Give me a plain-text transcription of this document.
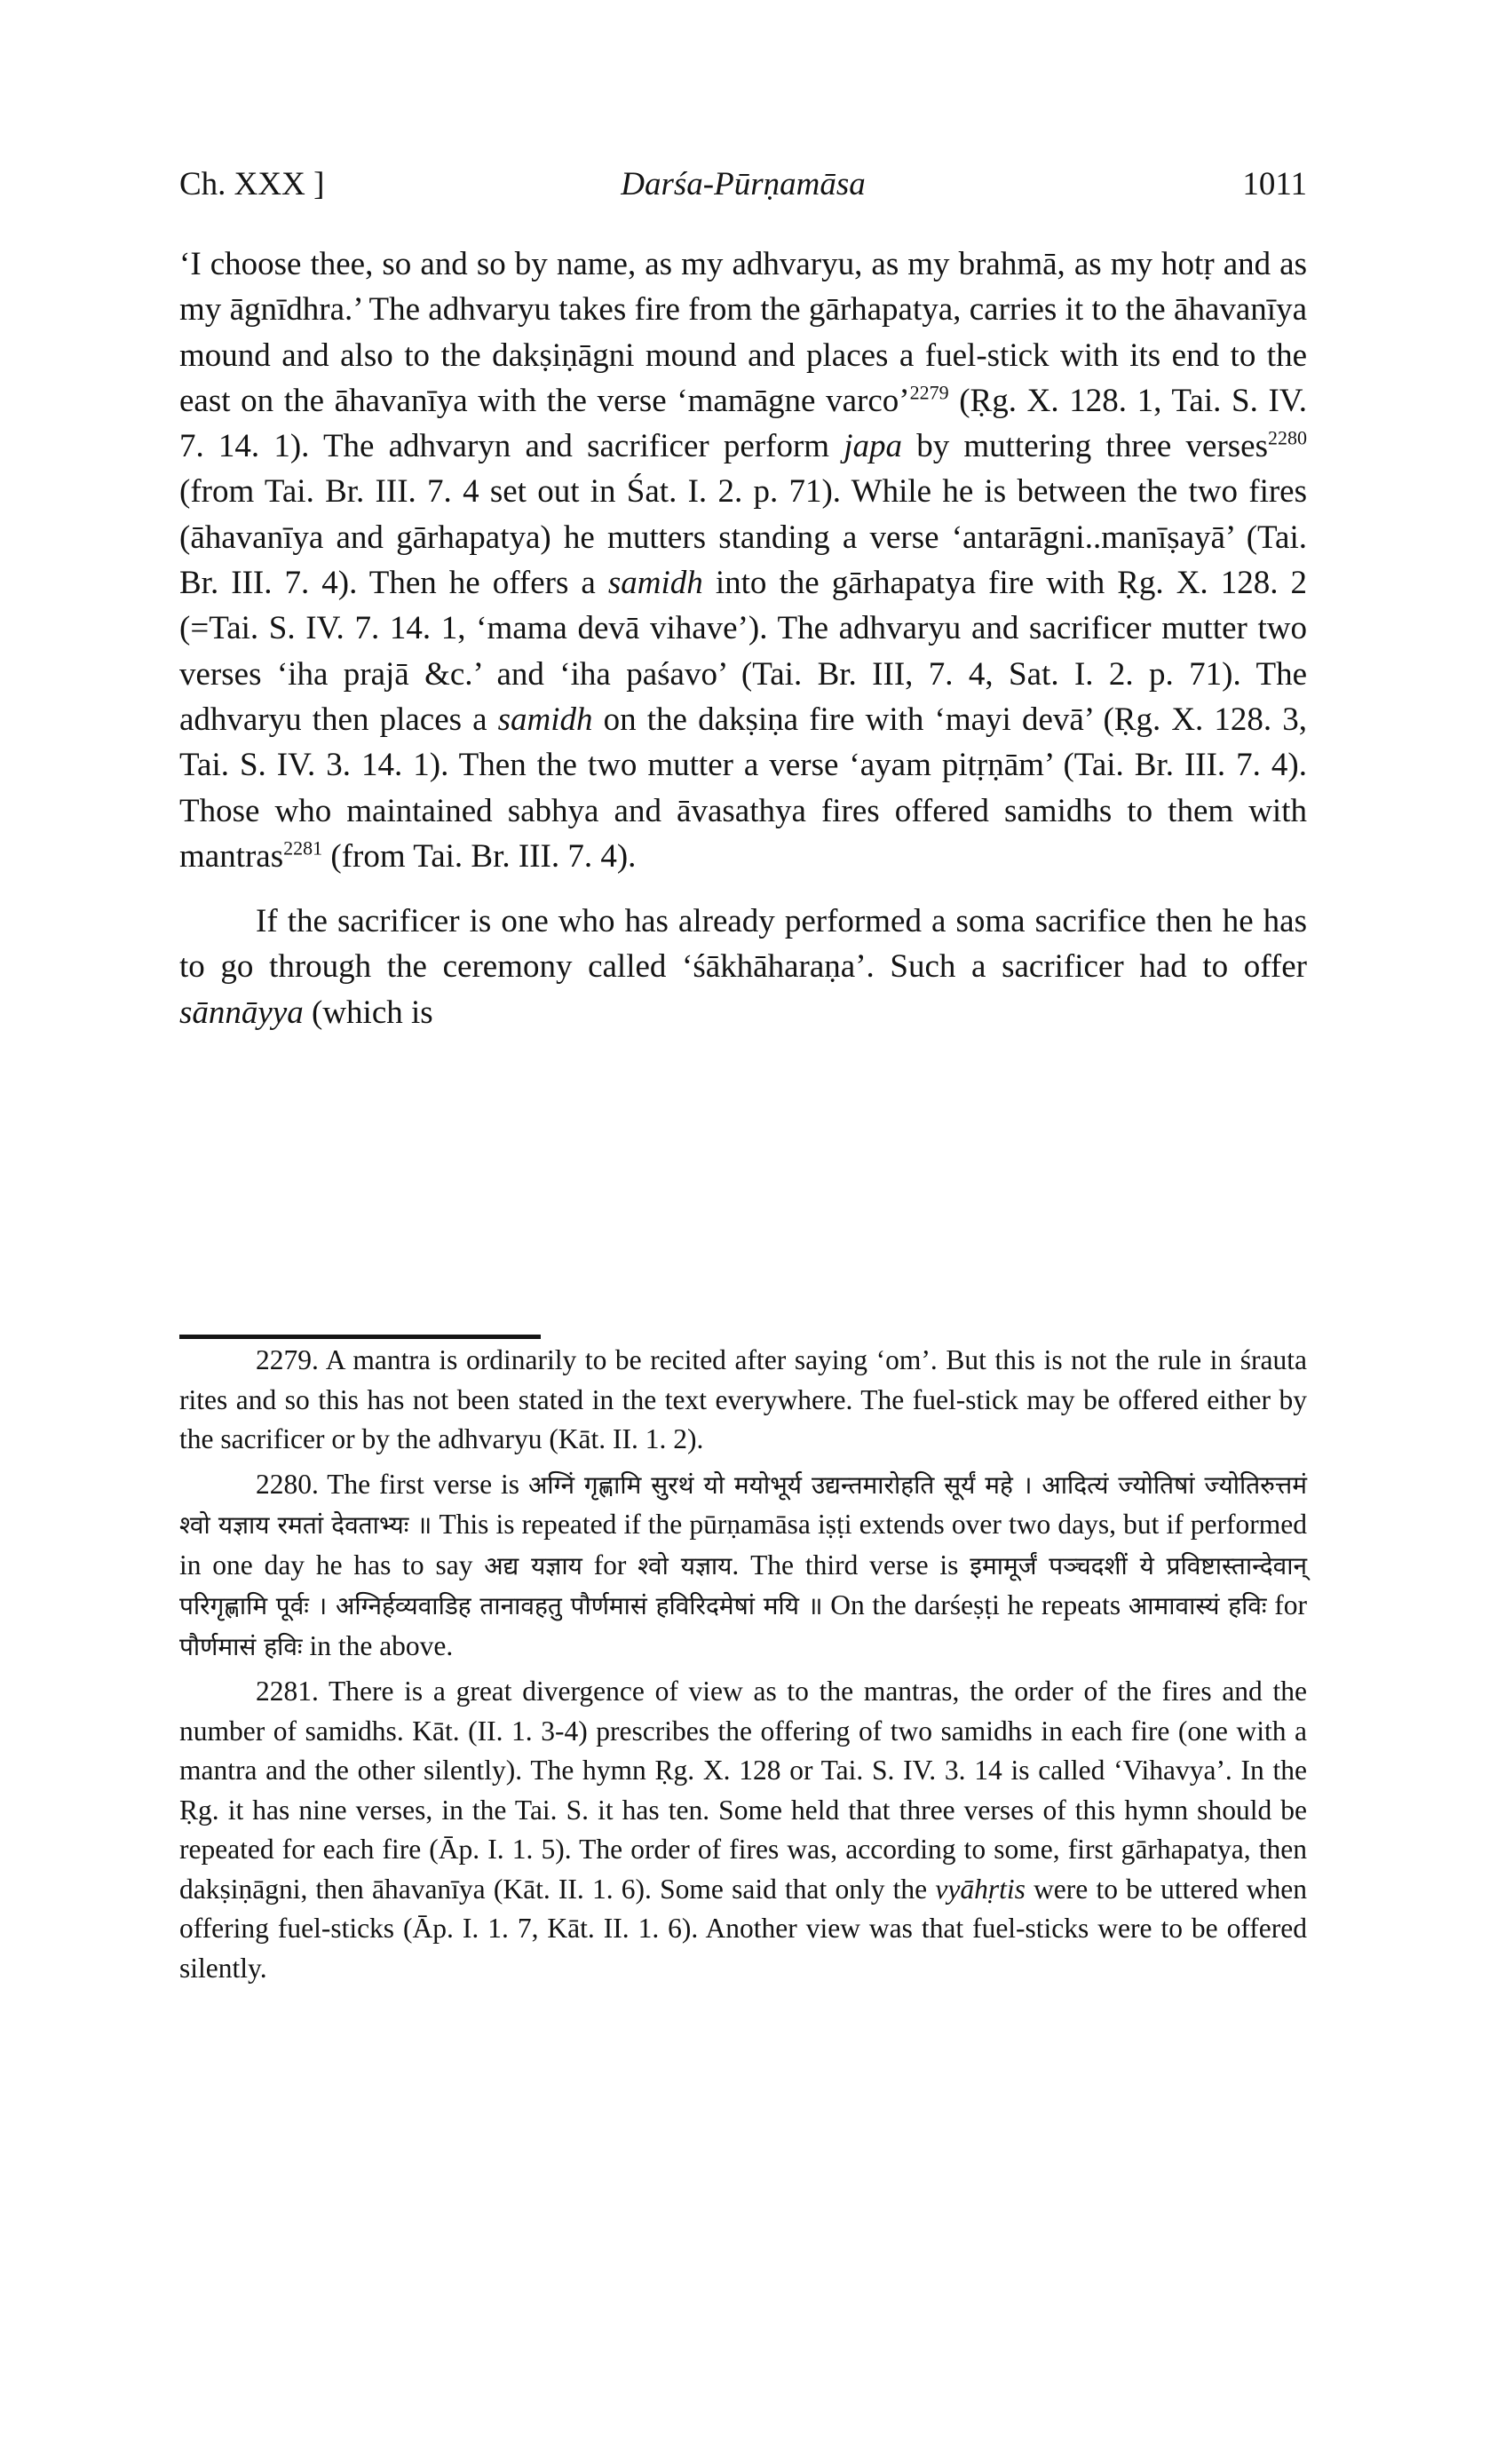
Ch. XXX ]	Darśa-Pūrṇamāsa	1011

‘I choose thee, so and so by name, as my adhvaryu, as my brahmā, as my hotṛ and as my āgnīdhra.’ The adhvaryu takes fire from the gārhapatya, carries it to the āhavanīya mound and also to the dakṣiṇāgni mound and places a fuel-stick with its end to the east on the āhavanīya with the verse ‘mamāgne varco’$^{2279}$ (Ṛg. X. 128. 1, Tai. S. IV. 7. 14. 1). The adhvaryn and sacrificer perform japa by muttering three verses$^{2280}$ (from Tai. Br. III. 7. 4 set out in Śat. I. 2. p. 71). While he is between the two fires (āhavanīya and gārhapatya) he mutters standing a verse ‘antarāgni..manīṣayā’ (Tai. Br. III. 7. 4). Then he offers a samidh into the gārhapatya fire with Ṛg. X. 128. 2 (=Tai. S. IV. 7. 14. 1, ‘mama devā vihave’). The adhvaryu and sacrificer mutter two verses ‘iha prajā &c.’ and ‘iha paśavo’ (Tai. Br. III, 7. 4, Sat. I. 2. p. 71). The adhvaryu then places a samidh on the dakṣiṇa fire with ‘mayi devā’ (Ṛg. X. 128. 3, Tai. S. IV. 3. 14. 1). Then the two mutter a verse ‘ayam pitṛṇām’ (Tai. Br. III. 7. 4). Those who maintained sabhya and āvasathya fires offered samidhs to them with mantras$^{2281}$ (from Tai. Br. III. 7. 4).

If the sacrificer is one who has already performed a soma sacrifice then he has to go through the ceremony called ‘śākhāharaṇa’. Such a sacrificer had to offer sānnāyya (which is

2279. A mantra is ordinarily to be recited after saying ‘om’. But this is not the rule in śrauta rites and so this has not been stated in the text everywhere. The fuel-stick may be offered either by the sacrificer or by the adhvaryu (Kāt. II. 1. 2).

2280. The first verse is अग्निं गृह्णामि सुरथं यो मयोभूर्य उद्यन्तमारोहति सूर्यं महे । आदित्यं ज्योतिषां ज्योतिरुत्तमं श्वो यज्ञाय रमतां देवताभ्यः ॥ This is repeated if the pūrṇamāsa iṣṭi extends over two days, but if performed in one day he has to say अद्य यज्ञाय for श्वो यज्ञाय. The third verse is इमामूर्जं पञ्चदशीं ये प्रविष्टास्तान्देवान् परिगृह्णामि पूर्वः । अग्निर्हव्यवाडिह तानावहतु पौर्णमासं हविरिदमेषां मयि ॥ On the darśeṣṭi he repeats आमावास्यं हविः for पौर्णमासं हविः in the above.

2281. There is a great divergence of view as to the mantras, the order of the fires and the number of samidhs. Kāt. (II. 1. 3-4) prescribes the offering of two samidhs in each fire (one with a mantra and the other silently). The hymn Ṛg. X. 128 or Tai. S. IV. 3. 14 is called ‘Vihavya’. In the Ṛg. it has nine verses, in the Tai. S. it has ten. Some held that three verses of this hymn should be repeated for each fire (Āp. I. 1. 5). The order of fires was, according to some, first gārhapatya, then dakṣiṇāgni, then āhavanīya (Kāt. II. 1. 6). Some said that only the vyāhṛtis were to be uttered when offering fuel-sticks (Āp. I. 1. 7, Kāt. II. 1. 6). Another view was that fuel-sticks were to be offered silently.
